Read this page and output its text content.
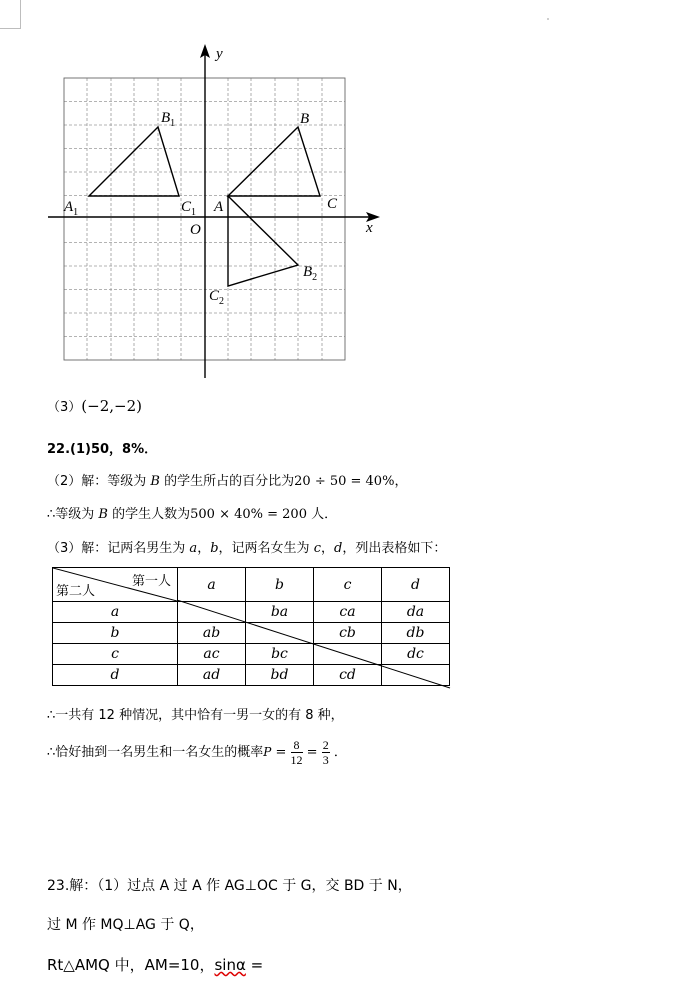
y
x
O
$B_1$
$A_1$	$C_1$ A
B
C
$B_2$
$C_2$
（3）(−2,−2)
22.(1)50，8%．
（2）解：等级为 B 的学生所占的百分比为20 ÷ 50 = 40%，
∴等级为 B 的学生人数为500 × 40% = 200 人．
（3）解：记两名男生为 a，b，记两名女生为 c，d，列出表格如下：
第一人
第二人	a	b	c	d
a		ba	ca	da
b	ab		cb	db
c	ac	bc		dc
d	ad	bd	cd	
∴一共有 12 种情况，其中恰有一男一女的有 8 种，
∴恰好抽到一名男生和一名女生的概率$P = \frac{8}{12} = \frac{2}{3}$ ．
23.解：（1）过点 A 过 A 作 AG⊥OC 于 G，交 BD 于 N，
过 M 作 MQ⊥AG 于 Q，
Rt△AMQ 中，AM=10，sinα =
